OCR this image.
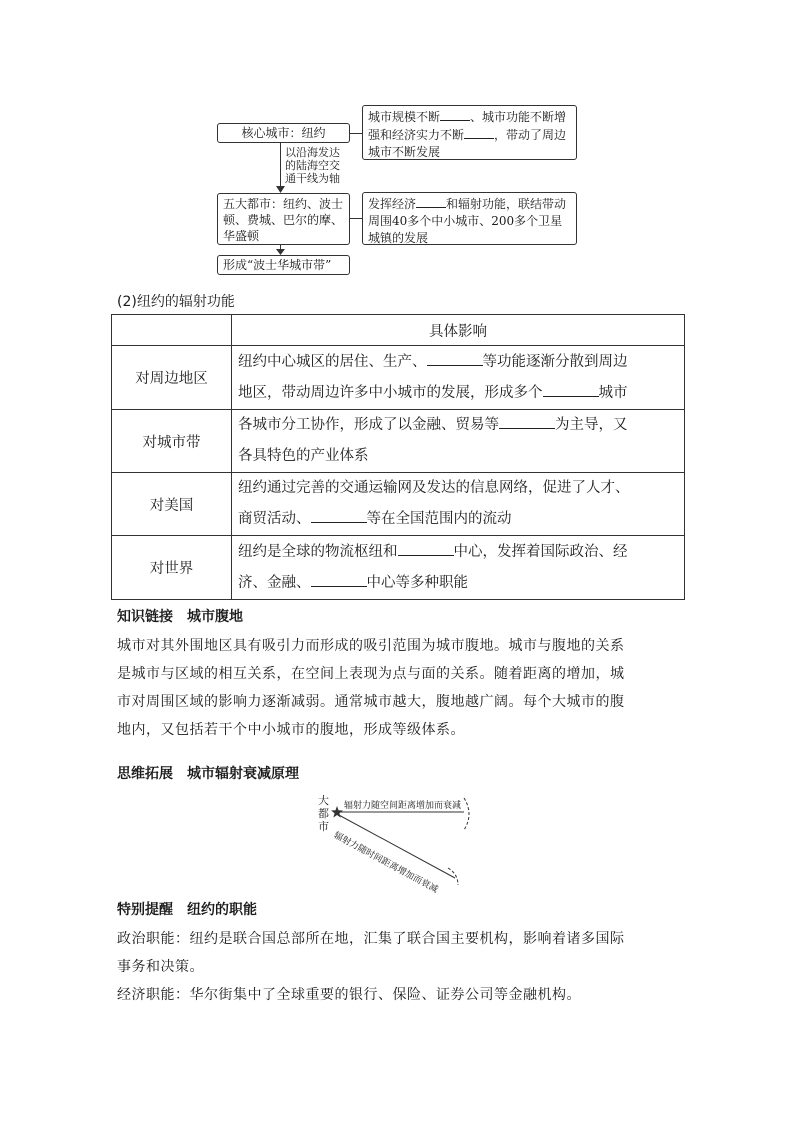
核心城市：纽约
城市规模不断	、城市功能不断增
强和经济实力不断	，带动了周边
城市不断发展
以沿海发达
的陆海空交
通干线为轴
五大都市：纽约、波士
顿、费城、巴尔的摩、
华盛顿
发挥经济	和辐射功能，联结带动
周围40多个中小城市、200多个卫星
城镇的发展
形成“波士华城市带”
(2)纽约的辐射功能
	具体影响
对周边地区	纽约中心城区的居住、生产、 等功能逐渐分散到周边
地区，带动周边许多中小城市的发展，形成多个 城市

对城市带	各城市分工协作，形成了以金融、贸易等 为主导，又
各具特色的产业体系

对美国	纽约通过完善的交通运输网及发达的信息网络，促进了人才、
商贸活动、 等在全国范围内的流动

对世界	纽约是全球的物流枢纽和 中心，发挥着国际政治、经
济、金融、 中心等多种职能
知识链接　城市腹地
城市对其外围地区具有吸引力而形成的吸引范围为城市腹地。城市与腹地的关系
是城市与区域的相互关系，在空间上表现为点与面的关系。随着距离的增加，城
市对周围区域的影响力逐渐减弱。通常城市越大，腹地越广阔。每个大城市的腹
地内，又包括若干个中小城市的腹地，形成等级体系。
思维拓展　城市辐射衰减原理
大
都
市
辐射力随空间距离增加而衰减
辐射力随时间距离增加而衰减
特别提醒　纽约的职能
政治职能：纽约是联合国总部所在地，汇集了联合国主要机构，影响着诸多国际
事务和决策。
经济职能：华尔街集中了全球重要的银行、保险、证券公司等金融机构。
